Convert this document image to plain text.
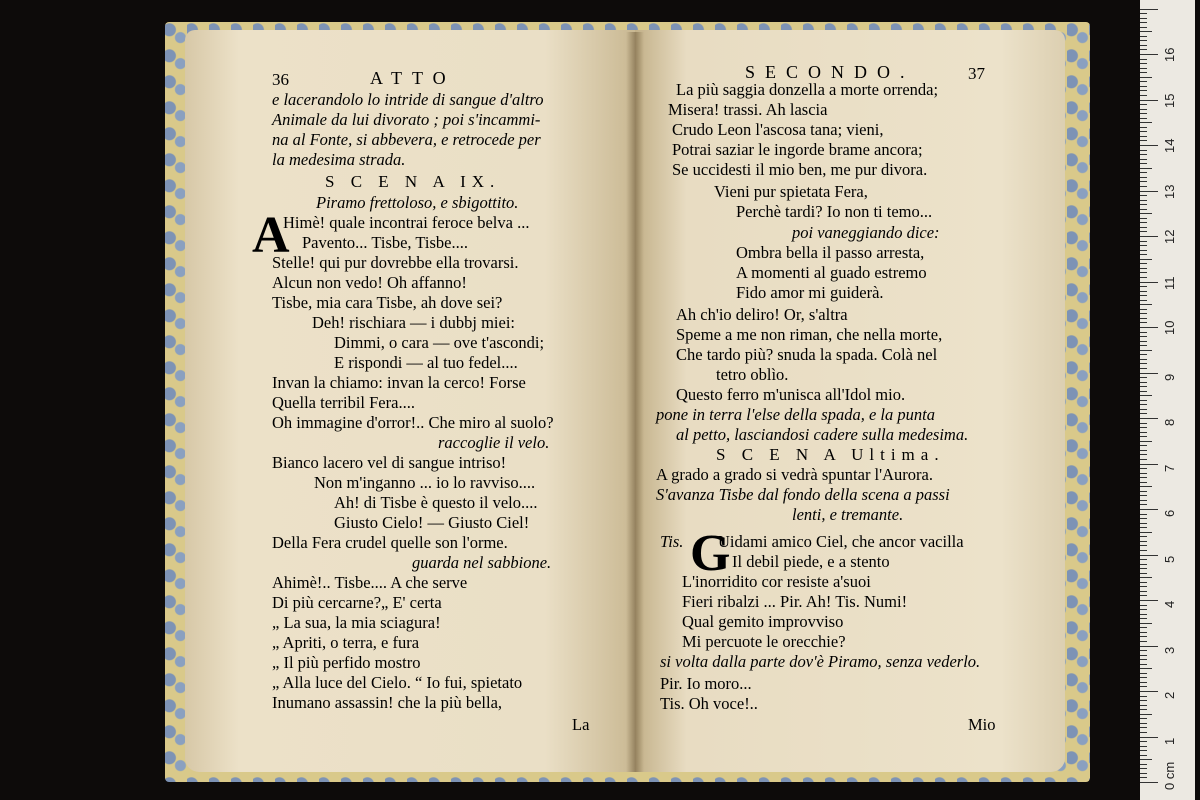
36	ATTO
e lacerandolo lo intride di sangue d'altro
Animale da lui divorato ; poi s'incammi-
na al Fonte, si abbevera, e retrocede per
la medesima strada.
S C E N A IX.
Piramo frettoloso, e sbigottito.
Himè! quale incontrai feroce belva ...
Pavento... Tisbe, Tisbe....
Stelle! qui pur dovrebbe ella trovarsi.
Alcun non vedo! Oh affanno!
Tisbe, mia cara Tisbe, ah dove sei?
Deh! rischiara — i dubbj miei:
Dimmi, o cara — ove t'ascondi;
E rispondi — al tuo fedel....
Invan la chiamo: invan la cerco! Forse
Quella terribil Fera....
Oh immagine d'orror!.. Che miro al suolo?
raccoglie il velo.
Bianco lacero vel di sangue intriso!
Non m'inganno ... io lo ravviso....
Ah! di Tisbe è questo il velo....
Giusto Cielo! — Giusto Ciel!
Della Fera crudel quelle son l'orme.
guarda nel sabbione.
Ahimè!.. Tisbe.... A che serve
Di più cercarne?„ E' certa
„ La sua, la mia sciagura!
„ Apriti, o terra, e fura
„ Il più perfido mostro
„ Alla luce del Cielo. “ Io fui, spietato
Inumano assassin! che la più bella,
La
A
SECONDO.	37
La più saggia donzella a morte orrenda;
Misera! trassi. Ah lascia
Crudo Leon l'ascosa tana; vieni,
Potrai saziar le ingorde brame ancora;
Se uccidesti il mio ben, me pur divora.
Vieni pur spietata Fera,
Perchè tardi? Io non ti temo...
poi vaneggiando dice:
Ombra bella il passo arresta,
A momenti al guado estremo
Fido amor mi guiderà.
Ah ch'io deliro! Or, s'altra
Speme a me non riman, che nella morte,
Che tardo più? snuda la spada. Colà nel
tetro oblìo.
Questo ferro m'unisca all'Idol mio.
pone in terra l'else della spada, e la punta
al petto, lasciandosi cadere sulla medesima.
S C E N A Ultima.
A grado a grado si vedrà spuntar l'Aurora.
S'avanza Tisbe dal fondo della scena a passi
lenti, e tremante.
Tis. Uidami amico Ciel, che ancor vacilla
Il debil piede, e a stento
L'inorridito cor resiste a'suoi
Fieri ribalzi ... Pir. Ah! Tis. Numi!
Qual gemito improvviso
Mi percuote le orecchie?
si volta dalla parte dov'è Piramo, senza vederlo.
Pir. Io moro...
Tis. Oh voce!..
Mio
G
1
2
3
4
5
6
7
8
9
10
11
12
13
14
15
16
0 cm
